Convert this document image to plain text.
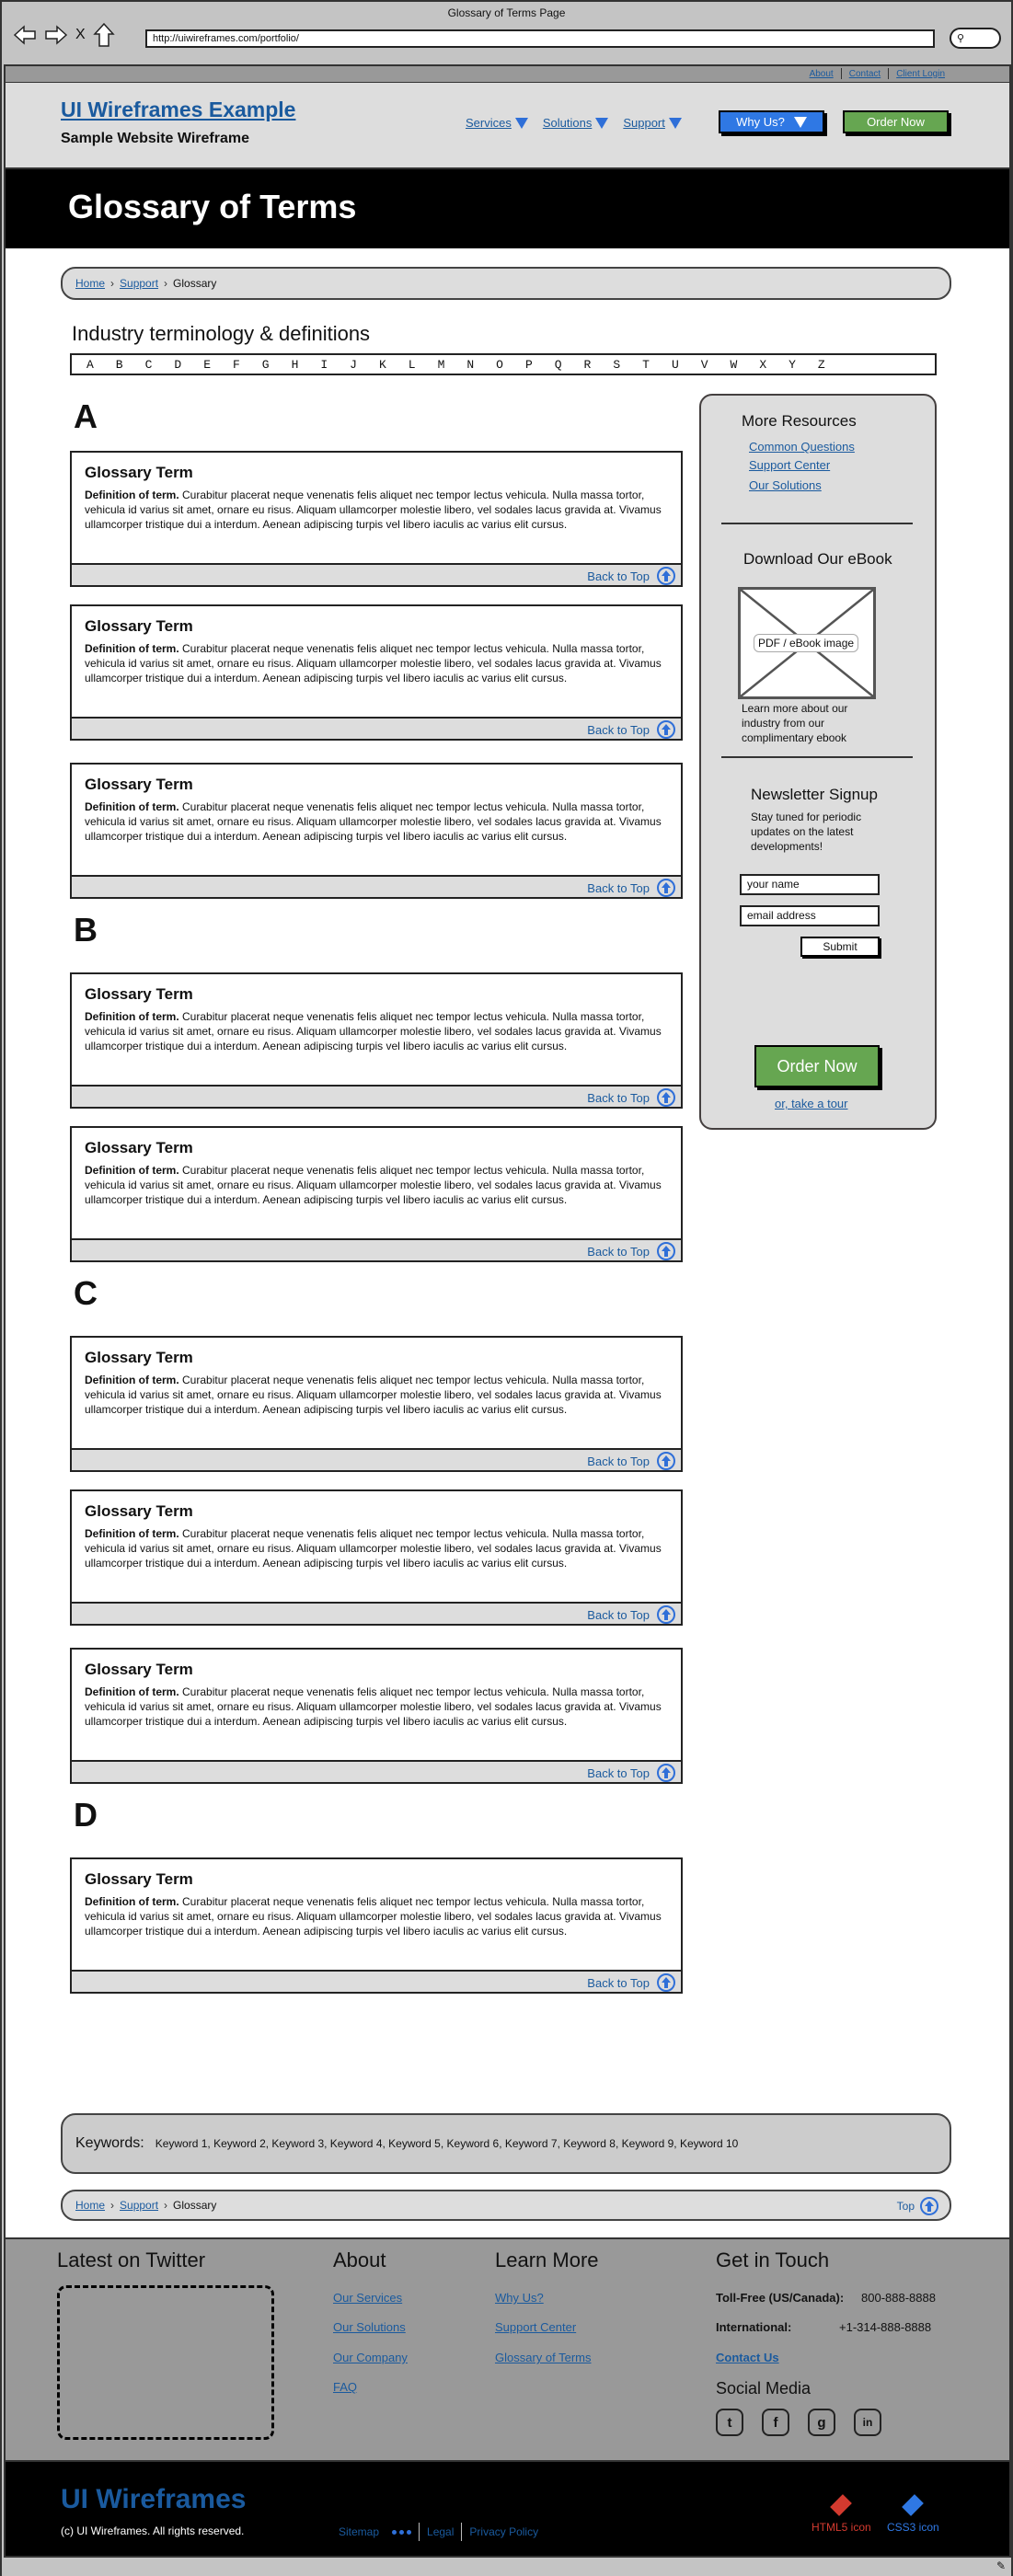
Glossary of Terms Page
X	http://uiwireframes.com/portfolio/	⚲
About Contact Client Login
UI Wireframes Example
Sample Website Wireframe
Services	Solutions	Support	Why Us?	Order Now
Glossary of Terms
Home › Support › Glossary
Industry terminology & definitions
A	B	C	D	E	F	G	H	I	J	K	L	M	N	O	P	Q	R	S	T	U	V	W	X	Y	Z
A
Glossary Term
Definition of term. Curabitur placerat neque venenatis felis aliquet nec tempor lectus vehicula. Nulla massa tortor, vehicula id varius sit amet, ornare eu risus. Aliquam ullamcorper molestie libero, vel sodales lacus gravida at. Vivamus ullamcorper tristique dui a interdum. Aenean adipiscing turpis vel libero iaculis ac varius elit cursus.
Back to Top
Glossary Term
Definition of term. Curabitur placerat neque venenatis felis aliquet nec tempor lectus vehicula. Nulla massa tortor, vehicula id varius sit amet, ornare eu risus. Aliquam ullamcorper molestie libero, vel sodales lacus gravida at. Vivamus ullamcorper tristique dui a interdum. Aenean adipiscing turpis vel libero iaculis ac varius elit cursus.
Back to Top
Glossary Term
Definition of term. Curabitur placerat neque venenatis felis aliquet nec tempor lectus vehicula. Nulla massa tortor, vehicula id varius sit amet, ornare eu risus. Aliquam ullamcorper molestie libero, vel sodales lacus gravida at. Vivamus ullamcorper tristique dui a interdum. Aenean adipiscing turpis vel libero iaculis ac varius elit cursus.
Back to Top
B
Glossary Term
Definition of term. Curabitur placerat neque venenatis felis aliquet nec tempor lectus vehicula. Nulla massa tortor, vehicula id varius sit amet, ornare eu risus. Aliquam ullamcorper molestie libero, vel sodales lacus gravida at. Vivamus ullamcorper tristique dui a interdum. Aenean adipiscing turpis vel libero iaculis ac varius elit cursus.
Back to Top
Glossary Term
Definition of term. Curabitur placerat neque venenatis felis aliquet nec tempor lectus vehicula. Nulla massa tortor, vehicula id varius sit amet, ornare eu risus. Aliquam ullamcorper molestie libero, vel sodales lacus gravida at. Vivamus ullamcorper tristique dui a interdum. Aenean adipiscing turpis vel libero iaculis ac varius elit cursus.
Back to Top
C
Glossary Term
Definition of term. Curabitur placerat neque venenatis felis aliquet nec tempor lectus vehicula. Nulla massa tortor, vehicula id varius sit amet, ornare eu risus. Aliquam ullamcorper molestie libero, vel sodales lacus gravida at. Vivamus ullamcorper tristique dui a interdum. Aenean adipiscing turpis vel libero iaculis ac varius elit cursus.
Back to Top
Glossary Term
Definition of term. Curabitur placerat neque venenatis felis aliquet nec tempor lectus vehicula. Nulla massa tortor, vehicula id varius sit amet, ornare eu risus. Aliquam ullamcorper molestie libero, vel sodales lacus gravida at. Vivamus ullamcorper tristique dui a interdum. Aenean adipiscing turpis vel libero iaculis ac varius elit cursus.
Back to Top
Glossary Term
Definition of term. Curabitur placerat neque venenatis felis aliquet nec tempor lectus vehicula. Nulla massa tortor, vehicula id varius sit amet, ornare eu risus. Aliquam ullamcorper molestie libero, vel sodales lacus gravida at. Vivamus ullamcorper tristique dui a interdum. Aenean adipiscing turpis vel libero iaculis ac varius elit cursus.
Back to Top
D
Glossary Term
Definition of term. Curabitur placerat neque venenatis felis aliquet nec tempor lectus vehicula. Nulla massa tortor, vehicula id varius sit amet, ornare eu risus. Aliquam ullamcorper molestie libero, vel sodales lacus gravida at. Vivamus ullamcorper tristique dui a interdum. Aenean adipiscing turpis vel libero iaculis ac varius elit cursus.
Back to Top
More Resources
Common Questions
Support Center
Our Solutions
Download Our eBook
PDF / eBook image
Learn more about our industry from our complimentary ebook
Newsletter Signup
Stay tuned for periodic updates on the latest developments!
your name
email address
Submit
Order Now
or, take a tour
Keywords: Keyword 1, Keyword 2, Keyword 3, Keyword 4, Keyword 5, Keyword 6, Keyword 7, Keyword 8, Keyword 9, Keyword 10
Home › Support › Glossary	Top
Latest on Twitter	About
Our Services
Our Solutions
Our Company
FAQ
Learn More
Why Us?
Support Center
Glossary of Terms
Get in Touch
Toll-Free (US/Canada): 800-888-8888
International:	+1-314-888-8888
Contact Us
Social Media
t	f	g	in
UI Wireframes
(c) UI Wireframes. All rights reserved.	Sitemap	Legal Privacy Policy	HTML5 icon CSS3 icon
✎
